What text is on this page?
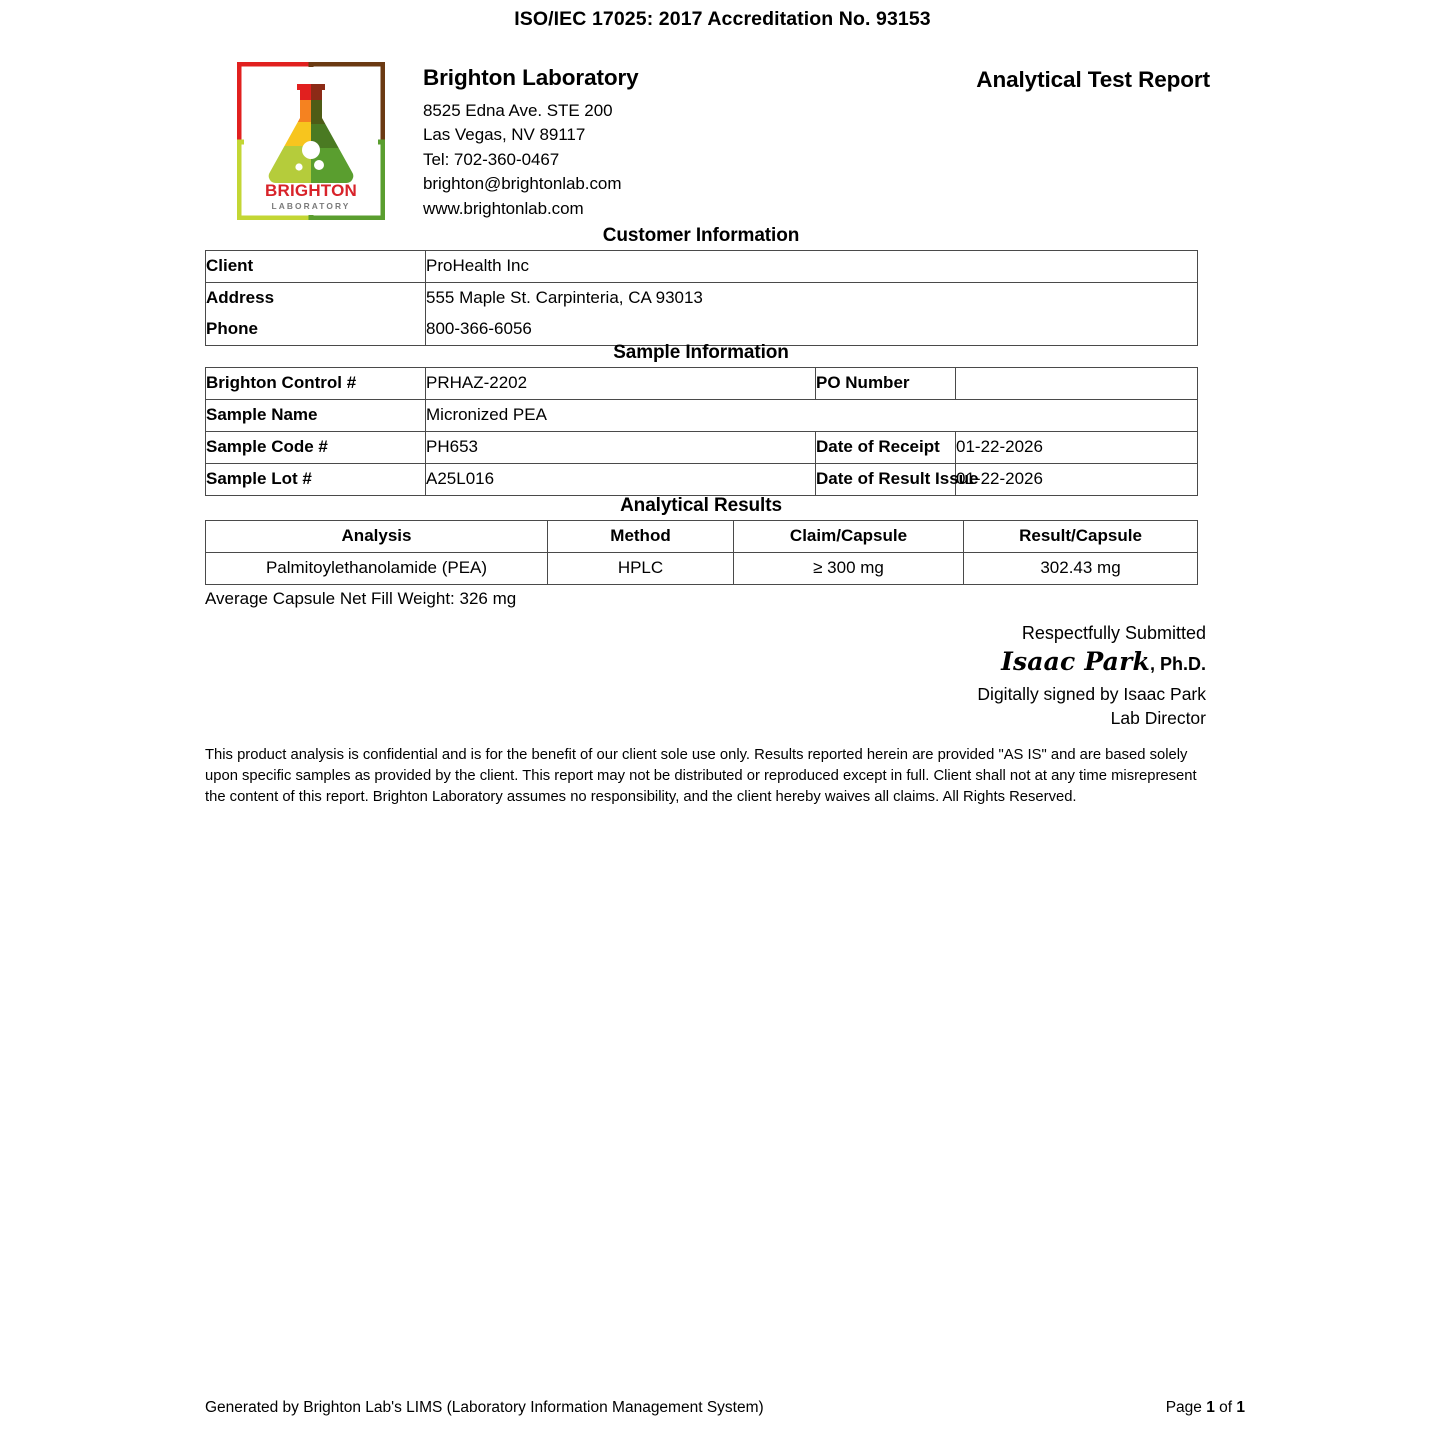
ISO/IEC 17025: 2017 Accreditation No. 93153
BRIGHTON
LABORATORY
Brighton Laboratory
8525 Edna Ave. STE 200
Las Vegas, NV 89117
Tel: 702-360-0467
brighton@brightonlab.com
www.brightonlab.com
Analytical Test Report
Customer Information
Client	ProHealth Inc
Address	555 Maple St. Carpinteria, CA 93013
Phone	800-366-6056
Sample Information
Brighton Control #	PRHAZ-2202	PO Number	
Sample Name	Micronized PEA		
Sample Code #	PH653	Date of Receipt	01-22-2026
Sample Lot #	A25L016	Date of Result Issue	01-22-2026
Analytical Results
Analysis	Method	Claim/Capsule	Result/Capsule
Palmitoylethanolamide (PEA)	HPLC	≥ 300 mg	302.43 mg
Average Capsule Net Fill Weight: 326 mg
Respectfully Submitted
Isaac Park, Ph.D.
Digitally signed by Isaac Park
Lab Director
This product analysis is confidential and is for the benefit of our client sole use only. Results reported herein are provided "AS IS" and are based solely upon specific samples as provided by the client. This report may not be distributed or reproduced except in full. Client shall not at any time misrepresent the content of this report. Brighton Laboratory assumes no responsibility, and the client hereby waives all claims. All Rights Reserved.
Generated by Brighton Lab's LIMS (Laboratory Information Management System)	Page 1 of 1
